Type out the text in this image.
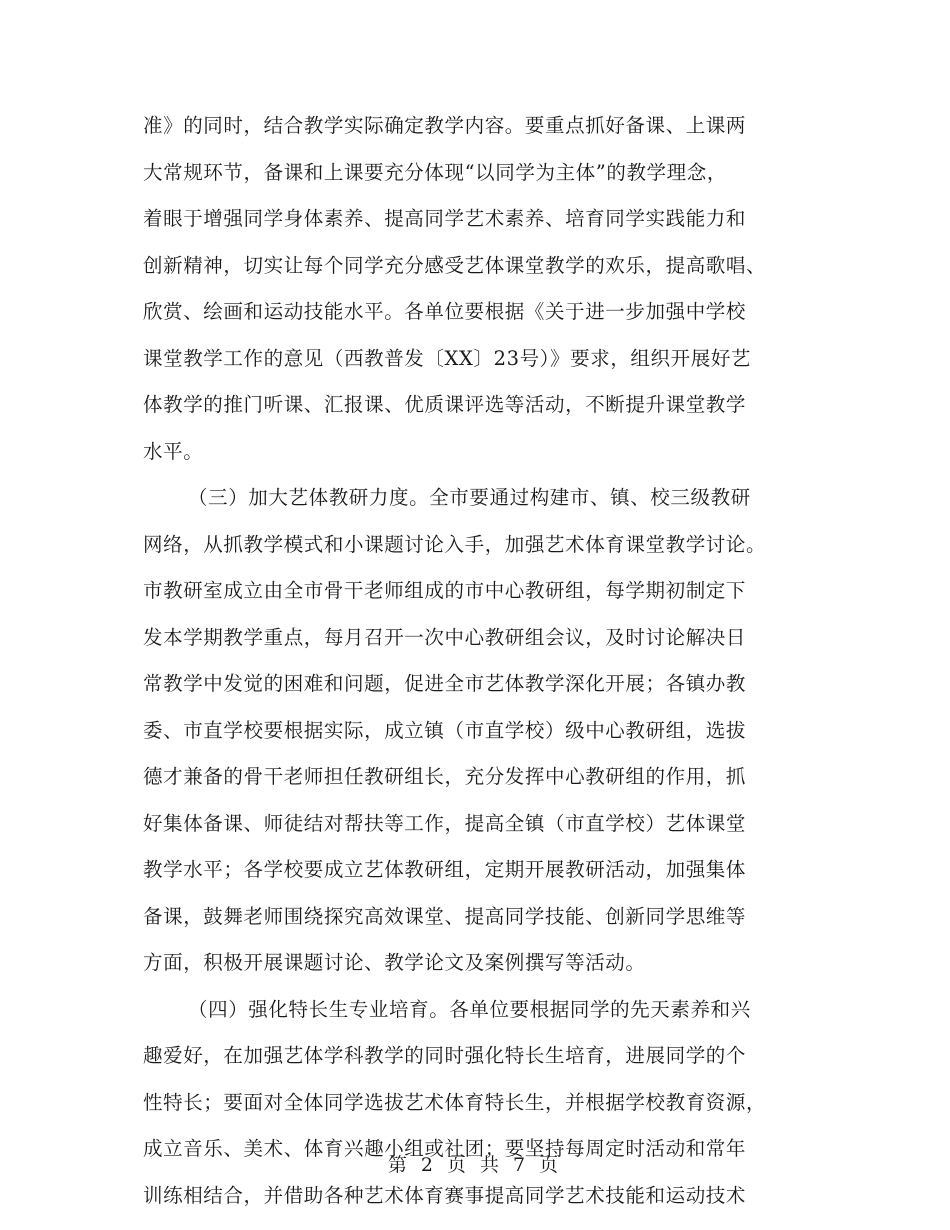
准》的同时，结合教学实际确定教学内容。要重点抓好备课、上课两
大常规环节，备课和上课要充分体现“以同学为主体”的教学理念，
着眼于增强同学身体素养、提高同学艺术素养、培育同学实践能力和
创新精神，切实让每个同学充分感受艺体课堂教学的欢乐，提高歌唱、
欣赏、绘画和运动技能水平。各单位要根据《关于进一步加强中学校
课堂教学工作的意见（西教普发〔XX〕23号）》要求，组织开展好艺
体教学的推门听课、汇报课、优质课评选等活动，不断提升课堂教学
水平。
（三）加大艺体教研力度。全市要通过构建市、镇、校三级教研
网络，从抓教学模式和小课题讨论入手，加强艺术体育课堂教学讨论。
市教研室成立由全市骨干老师组成的市中心教研组，每学期初制定下
发本学期教学重点，每月召开一次中心教研组会议，及时讨论解决日
常教学中发觉的困难和问题，促进全市艺体教学深化开展；各镇办教
委、市直学校要根据实际，成立镇（市直学校）级中心教研组，选拔
德才兼备的骨干老师担任教研组长，充分发挥中心教研组的作用，抓
好集体备课、师徒结对帮扶等工作，提高全镇（市直学校）艺体课堂
教学水平；各学校要成立艺体教研组，定期开展教研活动，加强集体
备课，鼓舞老师围绕探究高效课堂、提高同学技能、创新同学思维等
方面，积极开展课题讨论、教学论文及案例撰写等活动。
（四）强化特长生专业培育。各单位要根据同学的先天素养和兴
趣爱好，在加强艺体学科教学的同时强化特长生培育，进展同学的个
性特长；要面对全体同学选拔艺术体育特长生，并根据学校教育资源，
成立音乐、美术、体育兴趣小组或社团；要坚持每周定时活动和常年
训练相结合，并借助各种艺术体育赛事提高同学艺术技能和运动技术
第 2 页 共 7 页
